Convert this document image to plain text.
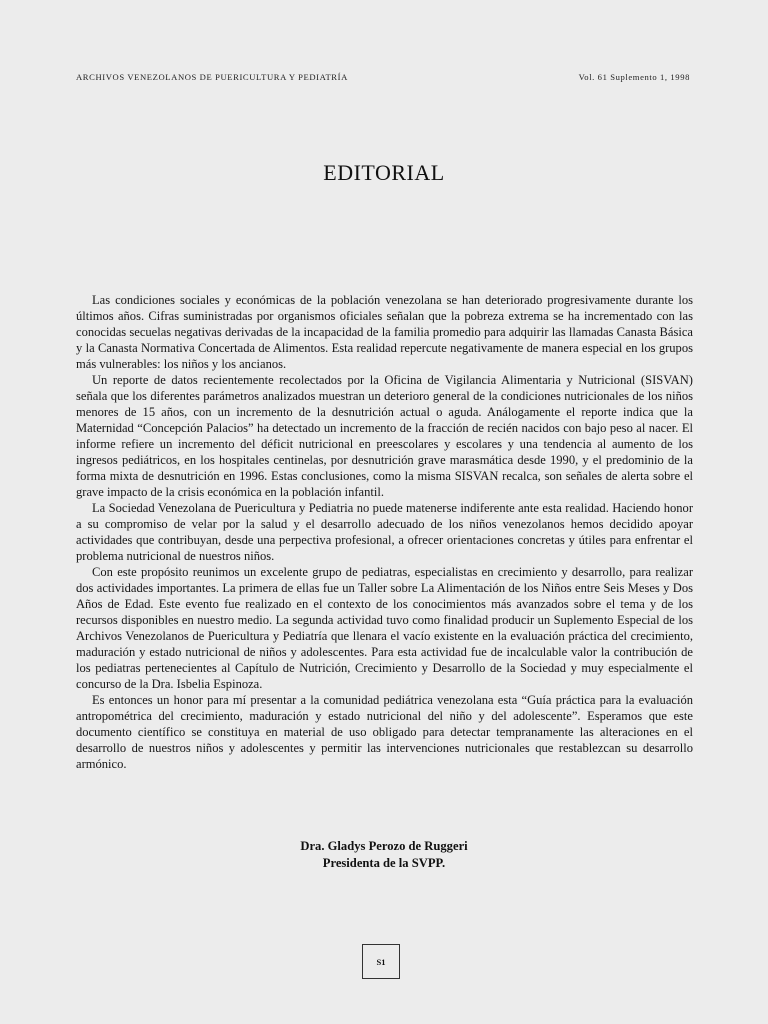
ARCHIVOS VENEZOLANOS DE PUERICULTURA Y PEDIATRÍA	Vol. 61 Suplemento 1, 1998
EDITORIAL

Las condiciones sociales y económicas de la población venezolana se han deteriorado progresivamente durante los últimos años. Cifras suministradas por organismos oficiales señalan que la pobreza extrema se ha incrementado con las conocidas secuelas negativas derivadas de la incapacidad de la familia promedio para adquirir las llamadas Canasta Básica y la Canasta Normativa Concertada de Alimentos. Esta realidad repercute negativamente de manera especial en los grupos más vulnerables: los niños y los ancianos.

Un reporte de datos recientemente recolectados por la Oficina de Vigilancia Alimentaria y Nutricional (SISVAN) señala que los diferentes parámetros analizados muestran un deterioro general de la condiciones nutricionales de los niños menores de 15 años, con un incremento de la desnutrición actual o aguda. Análogamente el reporte indica que la Maternidad “Concepción Palacios” ha detectado un incremento de la fracción de recién nacidos con bajo peso al nacer. El informe refiere un incremento del déficit nutricional en preescolares y escolares y una tendencia al aumento de los ingresos pediátricos, en los hospitales centinelas, por desnutrición grave marasmática desde 1990, y el predominio de la forma mixta de desnutrición en 1996. Estas conclusiones, como la misma SISVAN recalca, son señales de alerta sobre el grave impacto de la crisis económica en la población infantil.

La Sociedad Venezolana de Puericultura y Pediatria no puede matenerse indiferente ante esta realidad. Haciendo honor a su compromiso de velar por la salud y el desarrollo adecuado de los niños venezolanos hemos decidido apoyar actividades que contribuyan, desde una perpectiva profesional, a ofrecer orientaciones concretas y útiles para enfrentar el problema nutricional de nuestros niños.

Con este propósito reunimos un excelente grupo de pediatras, especialistas en crecimiento y desarrollo, para realizar dos actividades importantes. La primera de ellas fue un Taller sobre La Alimentación de los Niños entre Seis Meses y Dos Años de Edad. Este evento fue realizado en el contexto de los conocimientos más avanzados sobre el tema y de los recursos disponibles en nuestro medio. La segunda actividad tuvo como finalidad producir un Suplemento Especial de los Archivos Venezolanos de Puericultura y Pediatría que llenara el vacío existente en la evaluación práctica del crecimiento, maduración y estado nutricional de niños y adolescentes. Para esta actividad fue de incalculable valor la contribución de los pediatras pertenecientes al Capítulo de Nutrición, Crecimiento y Desarrollo de la Sociedad y muy especialmente el concurso de la Dra. Isbelia Espinoza.

Es entonces un honor para mí presentar a la comunidad pediátrica venezolana esta “Guía práctica para la evaluación antropométrica del crecimiento, maduración y estado nutricional del niño y del adolescente”. Esperamos que este documento científico se constituya en material de uso obligado para detectar tempranamente las alteraciones en el desarrollo de nuestros niños y adolescentes y permitir las intervenciones nutricionales que restablezcan su desarrollo armónico.

Dra. Gladys Perozo de Ruggeri
Presidenta de la SVPP.
S1
